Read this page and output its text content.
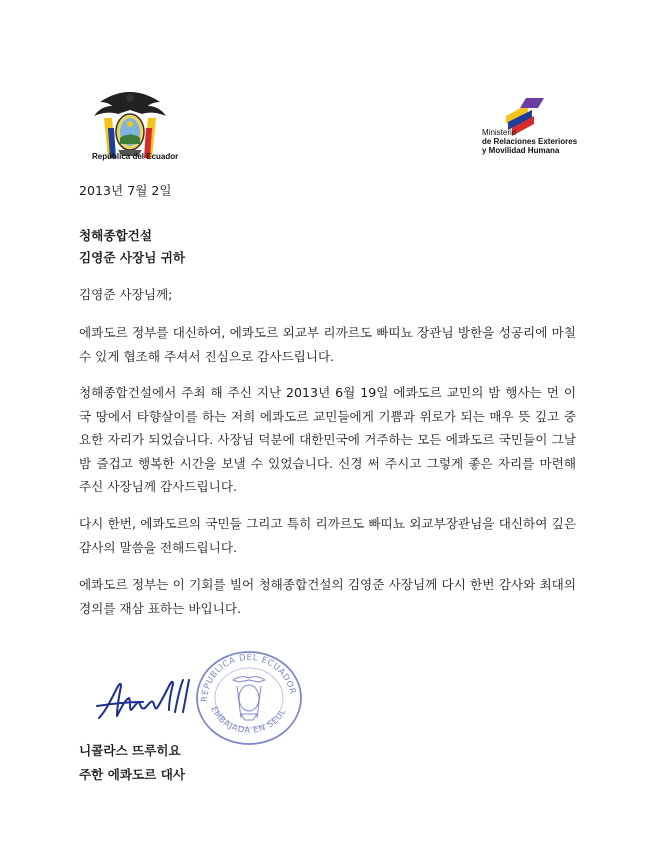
República del Ecuador
Ministerio
de Relaciones Exteriores
y Movilidad Humana
2013년 7월 2일
청해종합건설
김영준 사장님 귀하
김영준 사장님께;
에콰도르 정부를 대신하여, 에콰도르 외교부 리까르도 빠띠뇨 장관님 방한을 성공리에 마칠 수 있게 협조해 주셔서 진심으로 감사드립니다.
청해종합건설에서 주최 해 주신 지난 2013년 6월 19일 에콰도르 교민의 밤 행사는 먼 이국 땅에서 타향살이를 하는 저희 에콰도르 교민들에게 기쁨과 위로가 되는 매우 뜻 깊고 중요한 자리가 되었습니다. 사장님 덕분에 대한민국에 거주하는 모든 에콰도르 국민들이 그날 밤 즐겁고 행복한 시간을 보낼 수 있었습니다. 신경 써 주시고 그렇게 좋은 자리를 마련해 주신 사장님께 감사드립니다.
다시 한번, 에콰도르의 국민들 그리고 특히 리까르도 빠띠뇨 외교부장관님을 대신하여 깊은 감사의 말씀을 전해드립니다.
에콰도르 정부는 이 기회를 빌어 청해종합건설의 김영준 사장님께 다시 한번 감사와 최대의 경의를 재삼 표하는 바입니다.
REPUBLICA DEL ECUADOR
EMBAJADA EN SEUL
니콜라스 뜨루히요
주한 에콰도르 대사
